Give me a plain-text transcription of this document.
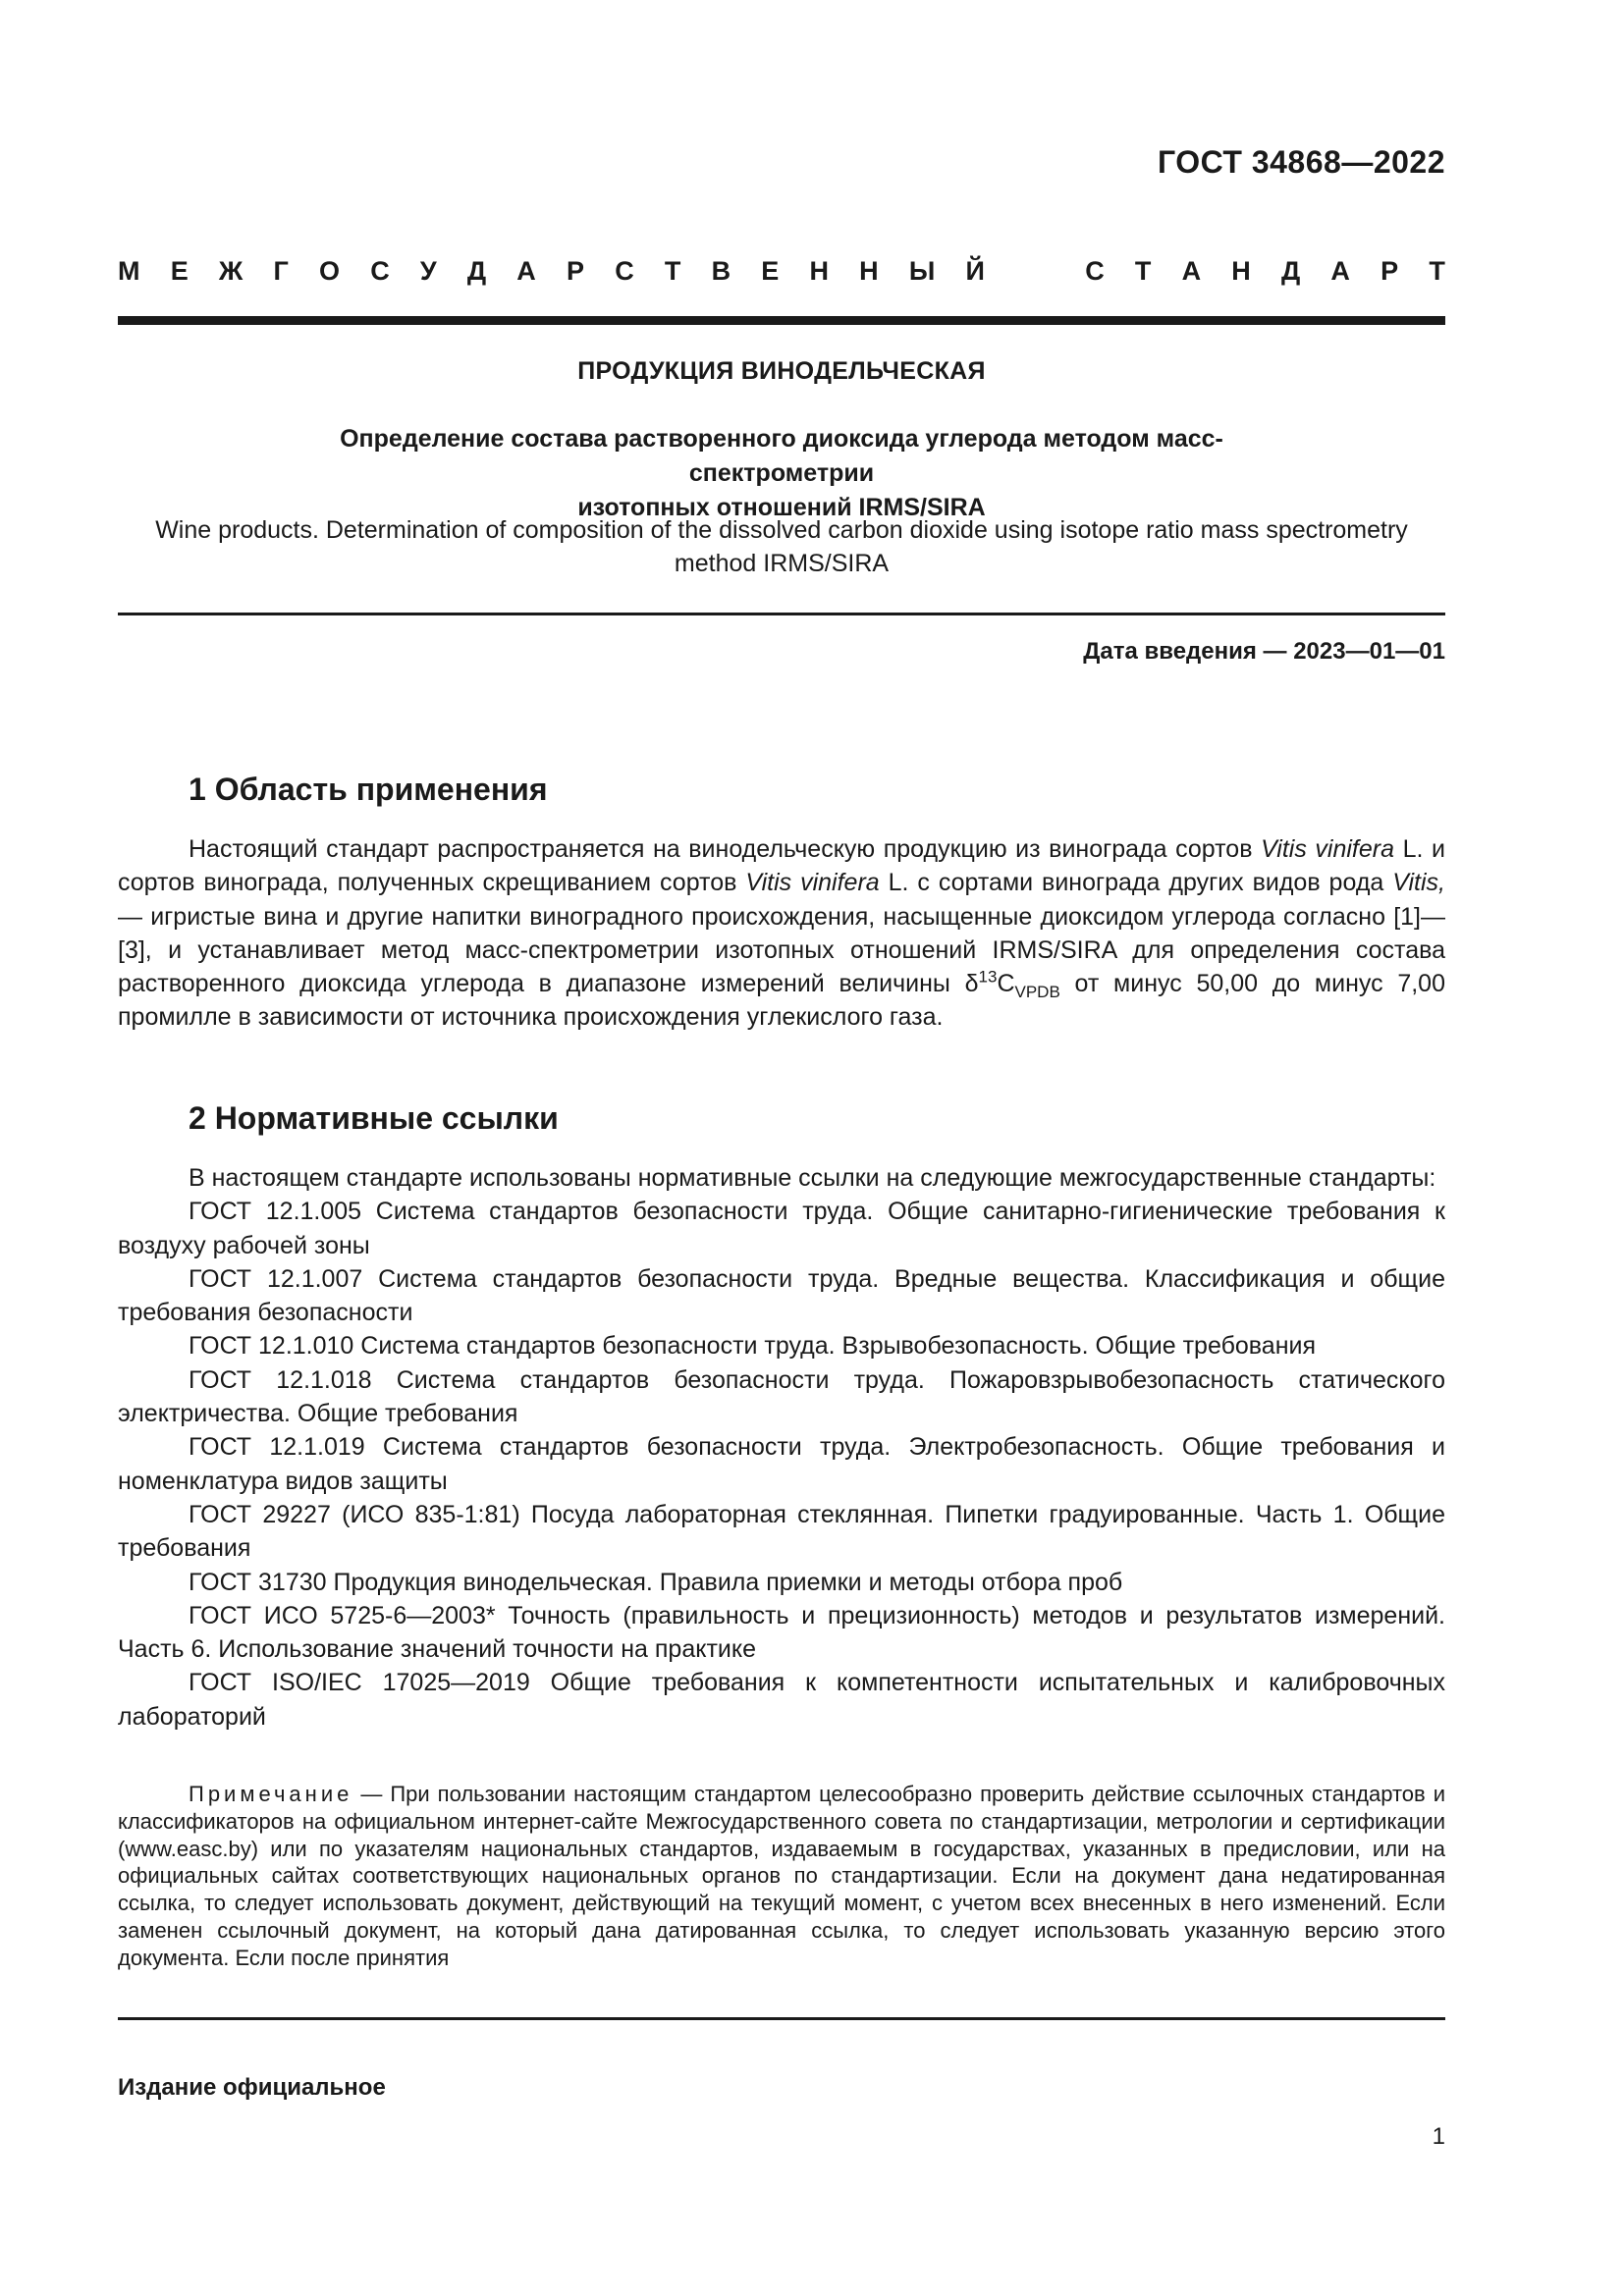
ГОСТ 34868—2022
М Е Ж Г О С У Д А Р С Т В Е Н Н Ы Й	С Т А Н Д А Р Т
ПРОДУКЦИЯ ВИНОДЕЛЬЧЕСКАЯ
Определение состава растворенного диоксида углерода методом масс-спектрометрии
изотопных отношений IRMS/SIRA
Wine products. Determination of composition of the dissolved carbon dioxide using isotope ratio mass spectrometry
method IRMS/SIRA
Дата введения — 2023—01—01
1 Область применения

Настоящий стандарт распространяется на винодельческую продукцию из винограда сортов Vitis vinifera L. и сортов винограда, полученных скрещиванием сортов Vitis vinifera L. с сортами винограда других видов рода Vitis, — игристые вина и другие напитки виноградного происхождения, насыщенные диоксидом углерода согласно [1]—[3], и устанавливает метод масс-спектрометрии изотопных отношений IRMS/SIRA для определения состава растворенного диоксида углерода в диапазоне измерений величины $\delta^{13}C_{VPDB}$ от минус 50,00 до минус 7,00 промилле в зависимости от источника происхождения углекислого газа.

2 Нормативные ссылки

В настоящем стандарте использованы нормативные ссылки на следующие межгосударственные стандарты:

ГОСТ 12.1.005 Система стандартов безопасности труда. Общие санитарно-гигиенические требования к воздуху рабочей зоны

ГОСТ 12.1.007 Система стандартов безопасности труда. Вредные вещества. Классификация и общие требования безопасности

ГОСТ 12.1.010 Система стандартов безопасности труда. Взрывобезопасность. Общие требования

ГОСТ 12.1.018 Система стандартов безопасности труда. Пожаровзрывобезопасность статического электричества. Общие требования

ГОСТ 12.1.019 Система стандартов безопасности труда. Электробезопасность. Общие требования и номенклатура видов защиты

ГОСТ 29227 (ИСО 835-1:81) Посуда лабораторная стеклянная. Пипетки градуированные. Часть 1. Общие требования

ГОСТ 31730 Продукция винодельческая. Правила приемки и методы отбора проб

ГОСТ ИСО 5725-6—2003* Точность (правильность и прецизионность) методов и результатов измерений. Часть 6. Использование значений точности на практике

ГОСТ ISO/IEC 17025—2019 Общие требования к компетентности испытательных и калибровочных лабораторий

Примечание — При пользовании настоящим стандартом целесообразно проверить действие ссылочных стандартов и классификаторов на официальном интернет-сайте Межгосударственного совета по стандартизации, метрологии и сертификации (www.easc.by) или по указателям национальных стандартов, издаваемым в государствах, указанных в предисловии, или на официальных сайтах соответствующих национальных органов по стандартизации. Если на документ дана недатированная ссылка, то следует использовать документ, действующий на текущий момент, с учетом всех внесенных в него изменений. Если заменен ссылочный документ, на который дана датированная ссылка, то следует использовать указанную версию этого документа. Если после принятия

Издание официальное
1
